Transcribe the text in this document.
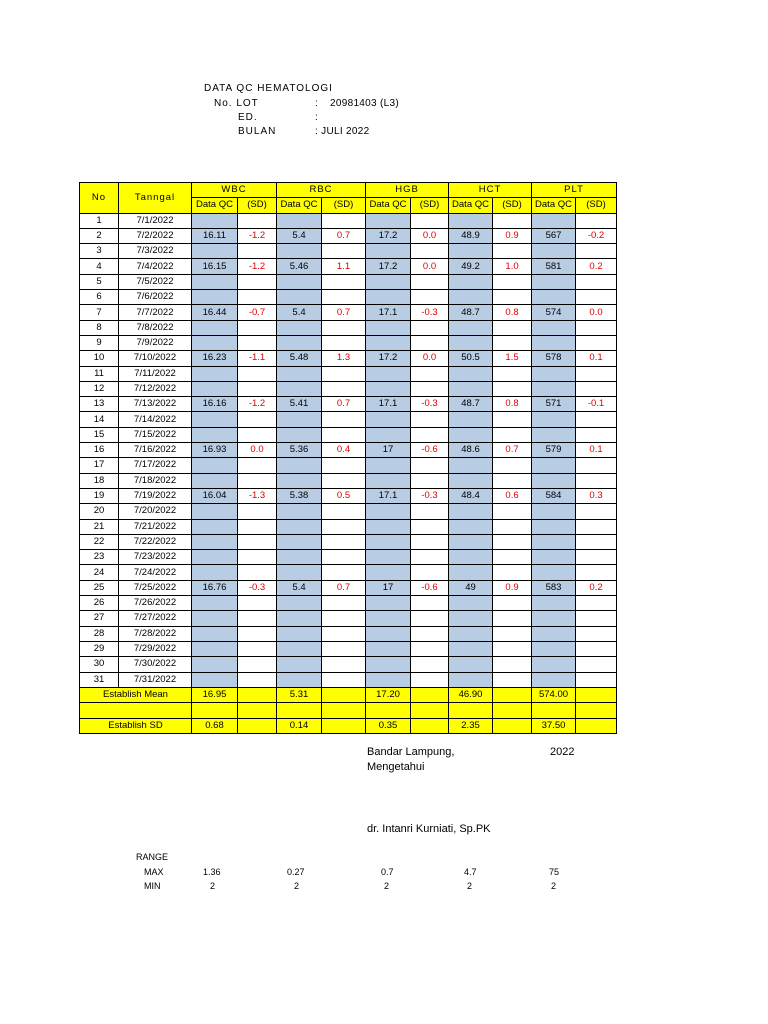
DATA QC HEMATOLOGI
No. LOT	: 20981403 (L3)
ED.	:
BULAN	: JULI 2022
No	Tanngal	WBC		RBC		HGB		HCT		PLT	
		Data QC	(SD)	Data QC	(SD)	Data QC	(SD)	Data QC	(SD)	Data QC	(SD)
1	7/1/2022										
2	7/2/2022	16.11	-1.2	5.4	0.7	17.2	0.0	48.9	0.9	567	-0.2
3	7/3/2022										
4	7/4/2022	16.15	-1.2	5.46	1.1	17.2	0.0	49.2	1.0	581	0.2
5	7/5/2022										
6	7/6/2022										
7	7/7/2022	16.44	-0.7	5.4	0.7	17.1	-0.3	48.7	0.8	574	0.0
8	7/8/2022										
9	7/9/2022										
10	7/10/2022	16.23	-1.1	5.48	1.3	17.2	0.0	50.5	1.5	578	0.1
11	7/11/2022										
12	7/12/2022										
13	7/13/2022	16.16	-1.2	5.41	0.7	17.1	-0.3	48.7	0.8	571	-0.1
14	7/14/2022										
15	7/15/2022										
16	7/16/2022	16.93	0.0	5.36	0.4	17	-0.6	48.6	0.7	579	0.1
17	7/17/2022										
18	7/18/2022										
19	7/19/2022	16.04	-1.3	5.38	0.5	17.1	-0.3	48.4	0.6	584	0.3
20	7/20/2022										
21	7/21/2022										
22	7/22/2022										
23	7/23/2022										
24	7/24/2022										
25	7/25/2022	16.76	-0.3	5.4	0.7	17	-0.6	49	0.9	583	0.2
26	7/26/2022										
27	7/27/2022										
28	7/28/2022										
29	7/29/2022										
30	7/30/2022										
31	7/31/2022										
Establish Mean		16.95		5.31		17.20		46.90		574.00	

Establish SD		0.68		0.14		0.35		2.35		37.50	
Bandar Lampung,	2022
Mengetahui
dr. Intanri Kurniati, Sp.PK
RANGE
MAX	1.36	0.27	0.7	4.7	75
MIN	2	2	2	2	2
